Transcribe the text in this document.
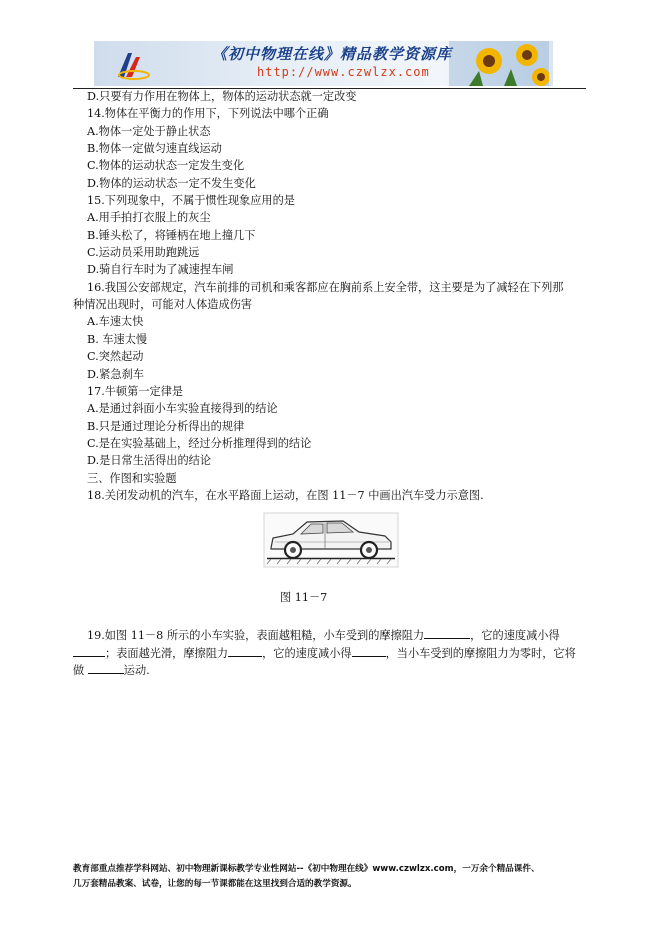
《初中物理在线》精品教学资源库
http://www.czwlzx.com
D.只要有力作用在物体上，物体的运动状态就一定改变
14.物体在平衡力的作用下，下列说法中哪个正确
A.物体一定处于静止状态
B.物体一定做匀速直线运动
C.物体的运动状态一定发生变化
D.物体的运动状态一定不发生变化
15.下列现象中，不属于惯性现象应用的是
A.用手拍打衣服上的灰尘
B.锤头松了，将锤柄在地上撞几下
C.运动员采用助跑跳远
D.骑自行车时为了减速捏车闸
16.我国公安部规定，汽车前排的司机和乘客都应在胸前系上安全带，这主要是为了减轻在下列那
种情况出现时，可能对人体造成伤害
A.车速太快
B. 车速太慢
C.突然起动
D.紧急刹车
17.牛顿第一定律是
A.是通过斜面小车实验直接得到的结论
B.只是通过理论分析得出的规律
C.是在实验基础上，经过分析推理得到的结论
D.是日常生活得出的结论
三、作图和实验题
18.关闭发动机的汽车，在水平路面上运动，在图 11－7 中画出汽车受力示意图.
图 11－7
19.如图 11－8 所示的小车实验，表面越粗糙，小车受到的摩擦阻力	，它的速度减小得
；表面越光滑，摩擦阻力	，它的速度减小得	，当小车受到的摩擦阻力为零时，它将
做	运动.
教育部重点推荐学科网站、初中物理新课标教学专业性网站--《初中物理在线》www.czwlzx.com，一万余个精品课件、
几万套精品教案、试卷，让您的每一节课都能在这里找到合适的教学资源。
